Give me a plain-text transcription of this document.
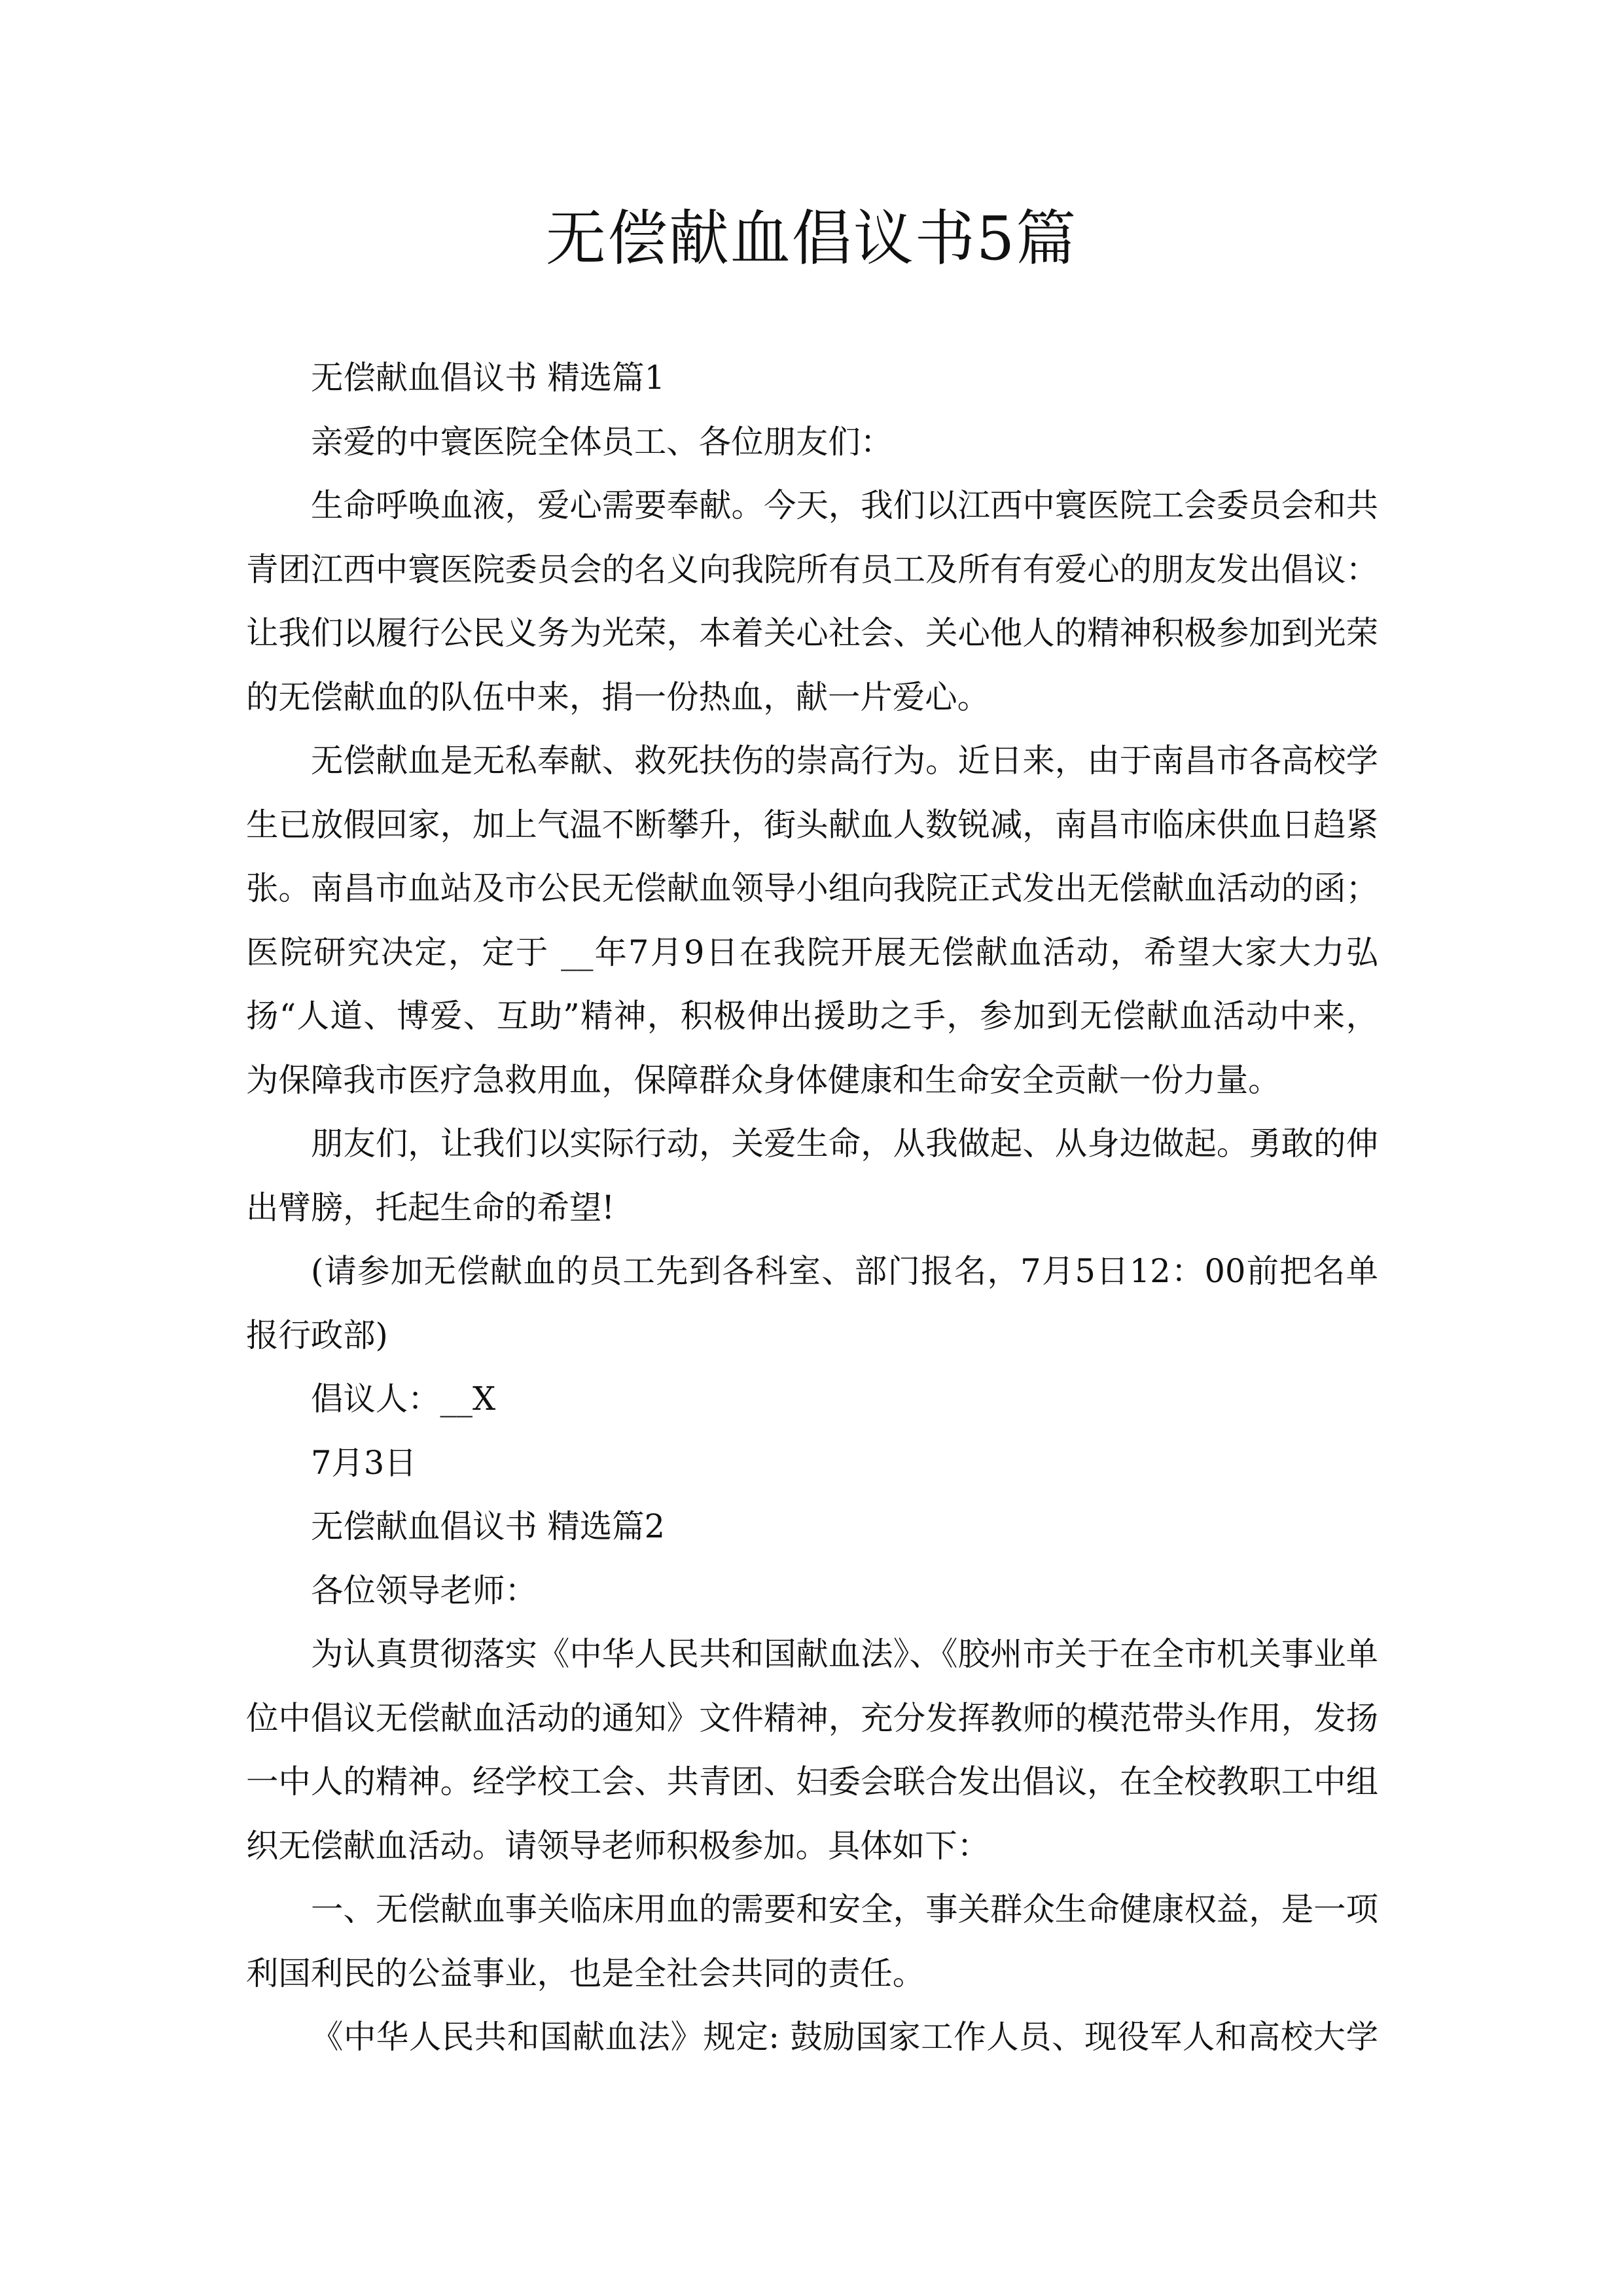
无偿献血倡议书5篇
无偿献血倡议书 精选篇1
亲爱的中寰医院全体员工、各位朋友们：
生命呼唤血液，爱心需要奉献。今天，我们以江西中寰医院工会委员会和共
青团江西中寰医院委员会的名义向我院所有员工及所有有爱心的朋友发出倡议：
让我们以履行公民义务为光荣，本着关心社会、关心他人的精神积极参加到光荣
的无偿献血的队伍中来，捐一份热血，献一片爱心。
无偿献血是无私奉献、救死扶伤的崇高行为。近日来，由于南昌市各高校学
生已放假回家，加上气温不断攀升，街头献血人数锐减，南昌市临床供血日趋紧
张。南昌市血站及市公民无偿献血领导小组向我院正式发出无偿献血活动的函；
医院研究决定，定于 __年7月9日在我院开展无偿献血活动，希望大家大力弘
扬“人道、博爱、互助”精神，积极伸出援助之手，参加到无偿献血活动中来，
为保障我市医疗急救用血，保障群众身体健康和生命安全贡献一份力量。
朋友们，让我们以实际行动，关爱生命，从我做起、从身边做起。勇敢的伸
出臂膀，托起生命的希望!
(请参加无偿献血的员工先到各科室、部门报名，7月5日12：00前把名单
报行政部)
倡议人：__X
7月3日
无偿献血倡议书 精选篇2
各位领导老师：
为认真贯彻落实《中华人民共和国献血法》、《胶州市关于在全市机关事业单
位中倡议无偿献血活动的通知》文件精神，充分发挥教师的模范带头作用，发扬
一中人的精神。经学校工会、共青团、妇委会联合发出倡议，在全校教职工中组
织无偿献血活动。请领导老师积极参加。具体如下：
一、无偿献血事关临床用血的需要和安全，事关群众生命健康权益，是一项
利国利民的公益事业，也是全社会共同的责任。
《中华人民共和国献血法》规定: 鼓励国家工作人员、现役军人和高校大学
